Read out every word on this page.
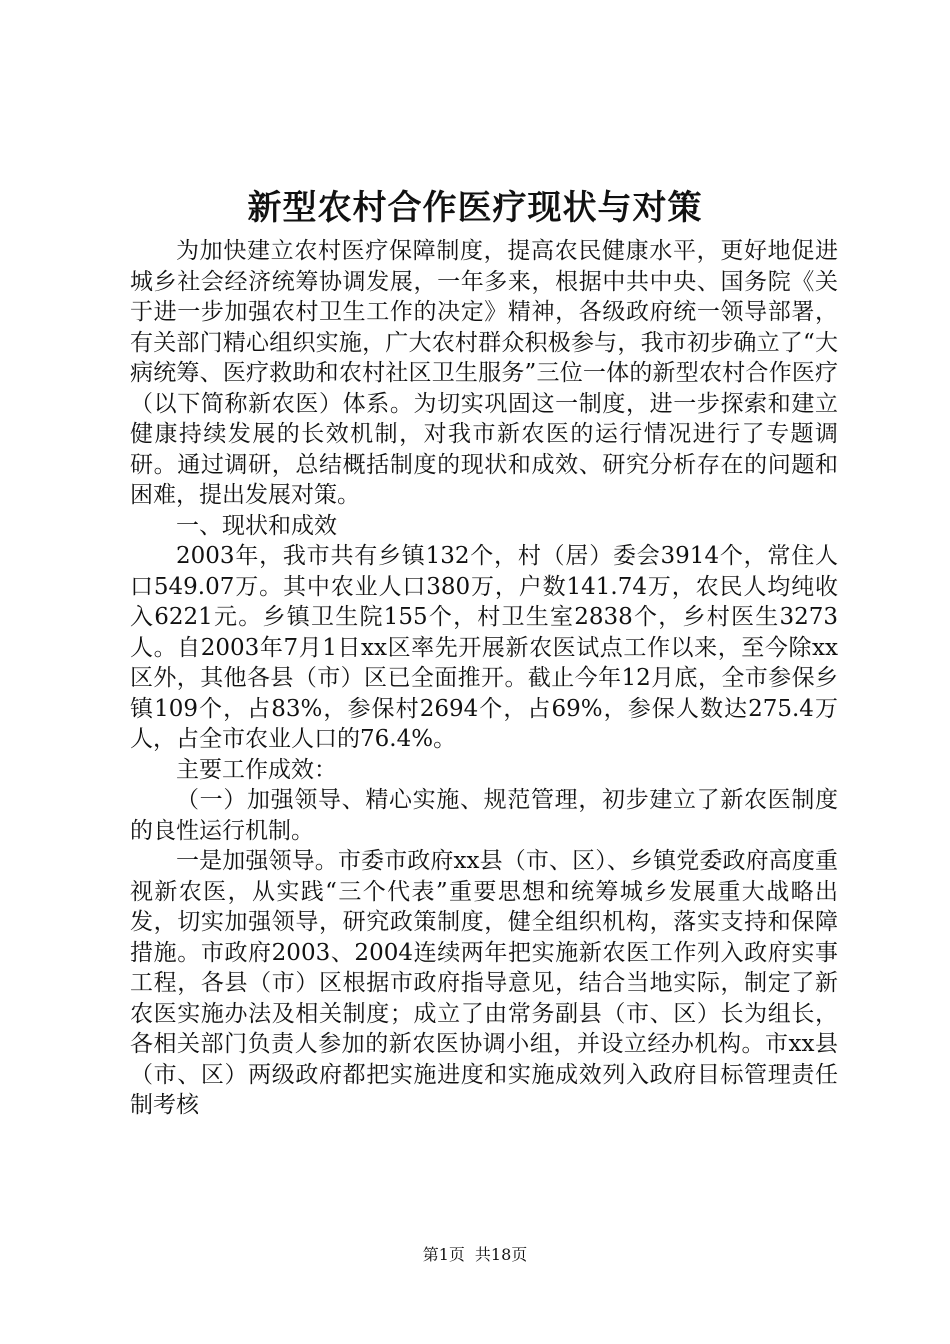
新型农村合作医疗现状与对策

为加快建立农村医疗保障制度，提高农民健康水平，更好地促进城乡社会经济统筹协调发展，一年多来，根据中共中央、国务院《关于进一步加强农村卫生工作的决定》精神，各级政府统一领导部署，有关部门精心组织实施，广大农村群众积极参与，我市初步确立了“大病统筹、医疗救助和农村社区卫生服务”三位一体的新型农村合作医疗（以下简称新农医）体系。为切实巩固这一制度，进一步探索和建立健康持续发展的长效机制，对我市新农医的运行情况进行了专题调研。通过调研，总结概括制度的现状和成效、研究分析存在的问题和困难，提出发展对策。

一、现状和成效

2003年，我市共有乡镇132个，村（居）委会3914个，常住人口549.07万。其中农业人口380万，户数141.74万，农民人均纯收入6221元。乡镇卫生院155个，村卫生室2838个，乡村医生3273人。自2003年7月1日xx区率先开展新农医试点工作以来，至今除xx区外，其他各县（市）区已全面推开。截止今年12月底，全市参保乡镇109个，占83%，参保村2694个，占69%，参保人数达275.4万人，占全市农业人口的76.4%。

主要工作成效：

（一）加强领导、精心实施、规范管理，初步建立了新农医制度的良性运行机制。

一是加强领导。市委市政府xx县（市、区）、乡镇党委政府高度重视新农医，从实践“三个代表”重要思想和统筹城乡发展重大战略出发，切实加强领导，研究政策制度，健全组织机构，落实支持和保障措施。市政府2003、2004连续两年把实施新农医工作列入政府实事工程，各县（市）区根据市政府指导意见，结合当地实际，制定了新农医实施办法及相关制度；成立了由常务副县（市、区）长为组长，各相关部门负责人参加的新农医协调小组，并设立经办机构。市xx县（市、区）两级政府都把实施进度和实施成效列入政府目标管理责任制考核

第1页 共18页
